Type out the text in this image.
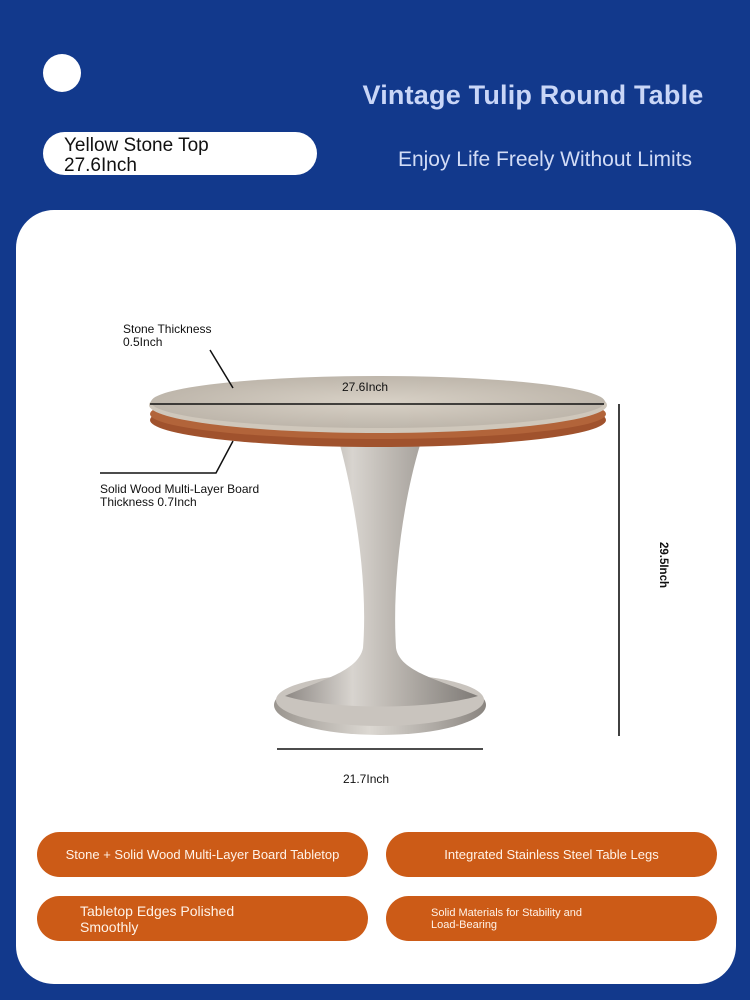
Vintage Tulip Round Table
Enjoy Life Freely Without Limits
Yellow Stone Top
27.6Inch
29.5Inch
Stone Thickness
0.5Inch
27.6Inch
Solid Wood Multi-Layer Board
Thickness 0.7Inch
21.7Inch
Stone + Solid Wood Multi-Layer Board Tabletop	Integrated Stainless Steel Table Legs
Tabletop Edges Polished
Smoothly
Solid Materials for Stability and
Load-Bearing
